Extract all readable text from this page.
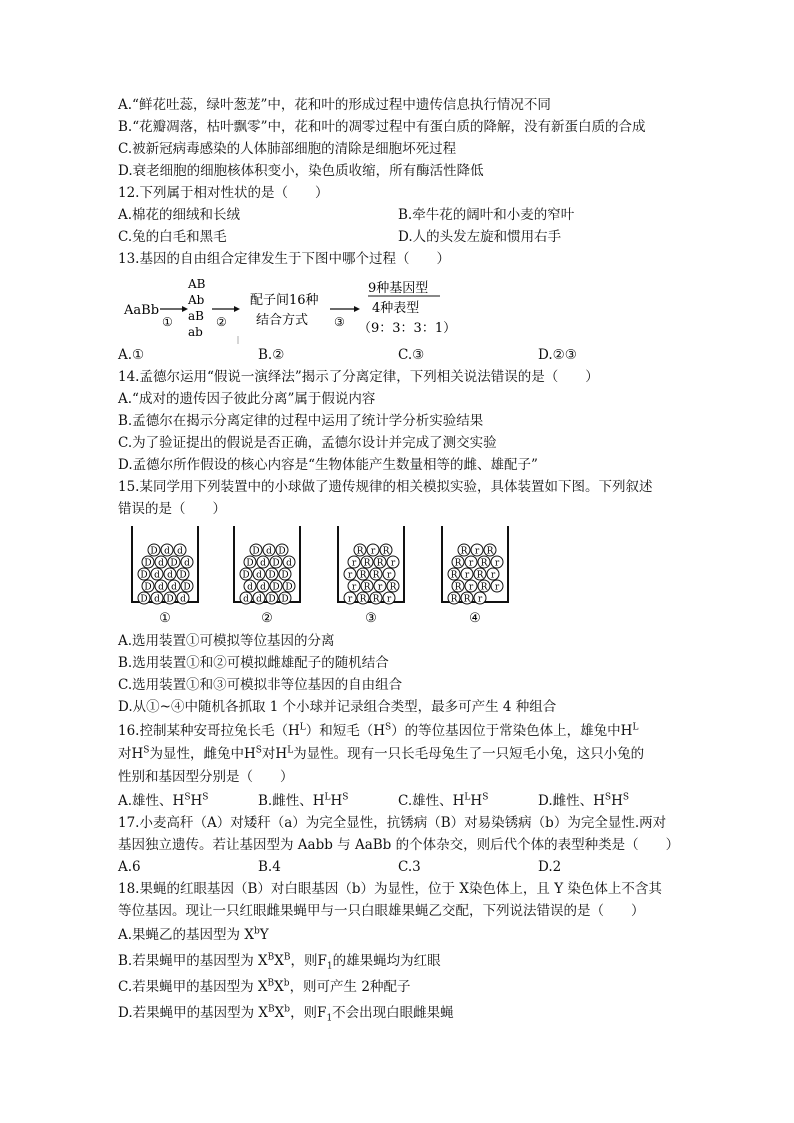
A.“鲜花吐蕊，绿叶葱茏”中，花和叶的形成过程中遗传信息执行情况不同
B.“花瓣凋落，枯叶飘零”中，花和叶的凋零过程中有蛋白质的降解，没有新蛋白质的合成
C.被新冠病毒感染的人体肺部细胞的清除是细胞坏死过程
D.衰老细胞的细胞核体积变小，染色质收缩，所有酶活性降低
12.下列属于相对性状的是（　　）
A.棉花的细绒和长绒	B.牵牛花的阔叶和小麦的窄叶
C.兔的白毛和黑毛	D.人的头发左旋和惯用右手
13.基因的自由组合定律发生于下图中哪个过程（　　）
AaBb
①
AB
Ab
aB
ab
②
配子间16种
结合方式 ③
9种基因型
4种表型
（9：3：3：1）
A.①	B.②	C.③	D.②③
14.孟德尔运用“假说一演绎法”揭示了分离定律，下列相关说法错误的是（　　）
A.“成对的遗传因子彼此分离”属于假说内容
B.孟德尔在揭示分离定律的过程中运用了统计学分析实验结果
C.为了验证提出的假说是否正确，孟德尔设计并完成了测交实验
D.孟德尔所作假设的核心内容是“生物体能产生数量相等的雌、雄配子”
15.某同学用下列装置中的小球做了遗传规律的相关模拟实验，具体装置如下图。下列叙述
错误的是（　　）
D d d
D d D d
D d d D
D d d D
D d D d
①
D d D
D d D d
D d D D
d d D D
d d D D
②
R r R
r R R r
r R R r
r R r R
r R R r
③
R r R
R r R r
R r R r
R r R r
R R r
④
A.选用装置①可模拟等位基因的分离
B.选用装置①和②可模拟雌雄配子的随机结合
C.选用装置①和③可模拟非等位基因的自由组合
D.从①~④中随机各抓取 1 个小球并记录组合类型，最多可产生 4 种组合
16.控制某种安哥拉兔长毛$(H^L)$和短毛$(H^S)$的等位基因位于常染色体上，雄兔中$H^L$
对$H^S$为显性，雌兔中$H^S$对$H^L$为显性。现有一只长毛母兔生了一只短毛小兔，这只小兔的
性别和基因型分别是（　　）
A.雄性、$H^SH^S$	B.雌性、$H^LH^S$	C.雄性、$H^LH^S$	D.雌性、$H^SH^S$
17.小麦高秆（A）对矮秆（a）为完全显性，抗锈病（B）对易染锈病（b）为完全显性.两对
基因独立遗传。若让基因型为 Aabb 与 AaBb 的个体杂交，则后代个体的表型种类是（　　）
A.6	B.4	C.3	D.2
18.果蝇的红眼基因（B）对白眼基因（b）为显性，位于 X染色体上，且 Y 染色体上不含其
等位基因。现让一只红眼雌果蝇甲与一只白眼雄果蝇乙交配，下列说法错误的是（　　）
A.果蝇乙的基因型为 $X^bY$
B.若果蝇甲的基因型为 $X^BX^B$，则$F_1$的雄果蝇均为红眼
C.若果蝇甲的基因型为 $X^BX^b$，则可产生 2种配子
D.若果蝇甲的基因型为 $X^BX^b$，则$F_1$不会出现白眼雌果蝇
